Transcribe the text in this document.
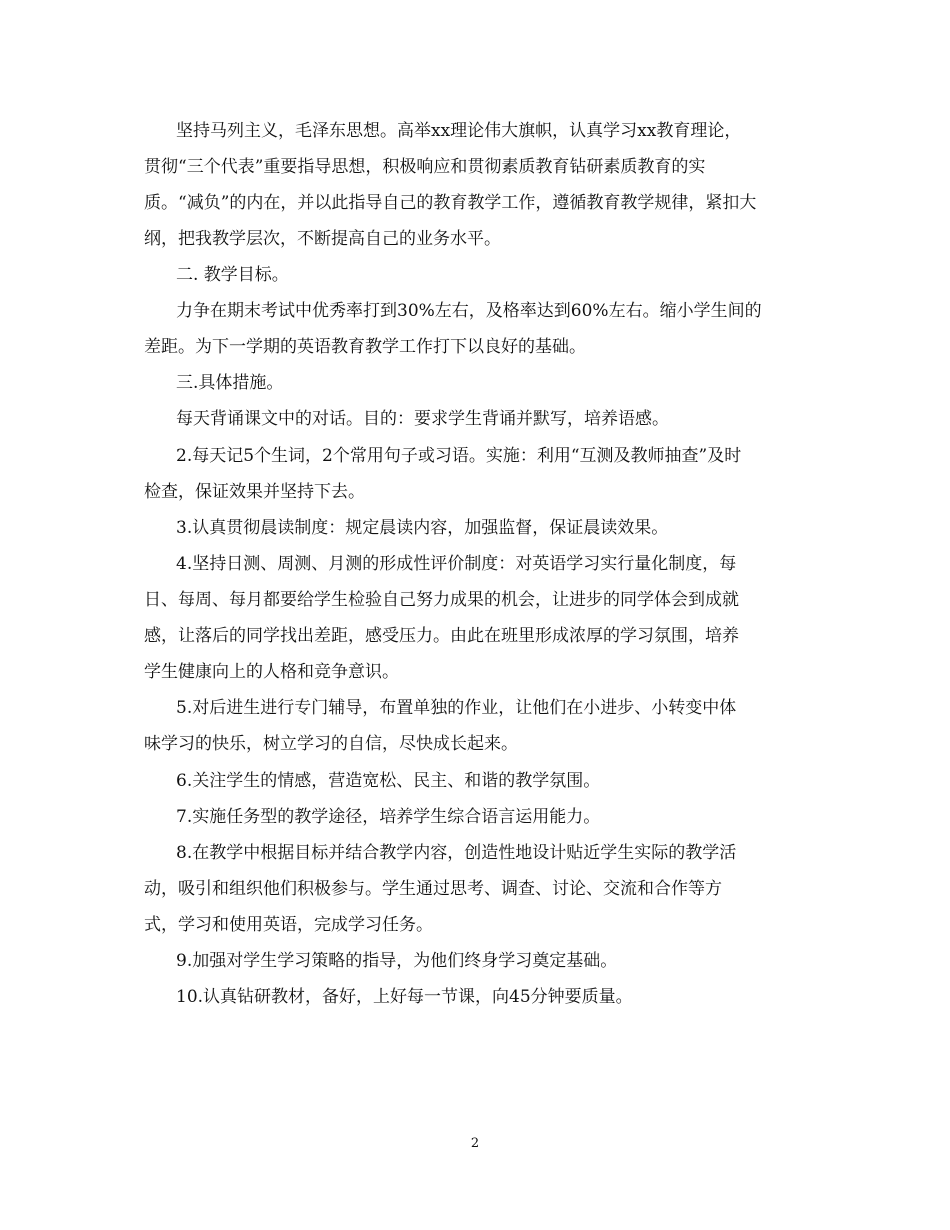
坚持马列主义，毛泽东思想。高举xx理论伟大旗帜，认真学习xx教育理论，
贯彻“三个代表”重要指导思想，积极响应和贯彻素质教育钻研素质教育的实
质。“减负”的内在，并以此指导自己的教育教学工作，遵循教育教学规律，紧扣大
纲，把我教学层次，不断提高自己的业务水平。
二. 教学目标。
力争在期末考试中优秀率打到30%左右，及格率达到60%左右。缩小学生间的
差距。为下一学期的英语教育教学工作打下以良好的基础。
三.具体措施。
每天背诵课文中的对话。目的：要求学生背诵并默写，培养语感。
2.每天记5个生词，2个常用句子或习语。实施：利用“互测及教师抽查”及时
检查，保证效果并坚持下去。
3.认真贯彻晨读制度：规定晨读内容，加强监督，保证晨读效果。
4.坚持日测、周测、月测的形成性评价制度：对英语学习实行量化制度，每
日、每周、每月都要给学生检验自己努力成果的机会，让进步的同学体会到成就
感，让落后的同学找出差距，感受压力。由此在班里形成浓厚的学习氛围，培养
学生健康向上的人格和竞争意识。
5.对后进生进行专门辅导，布置单独的作业，让他们在小进步、小转变中体
味学习的快乐，树立学习的自信，尽快成长起来。
6.关注学生的情感，营造宽松、民主、和谐的教学氛围。
7.实施任务型的教学途径，培养学生综合语言运用能力。
8.在教学中根据目标并结合教学内容，创造性地设计贴近学生实际的教学活
动，吸引和组织他们积极参与。学生通过思考、调查、讨论、交流和合作等方
式，学习和使用英语，完成学习任务。
9.加强对学生学习策略的指导，为他们终身学习奠定基础。
10.认真钻研教材，备好，上好每一节课，向45分钟要质量。
2
